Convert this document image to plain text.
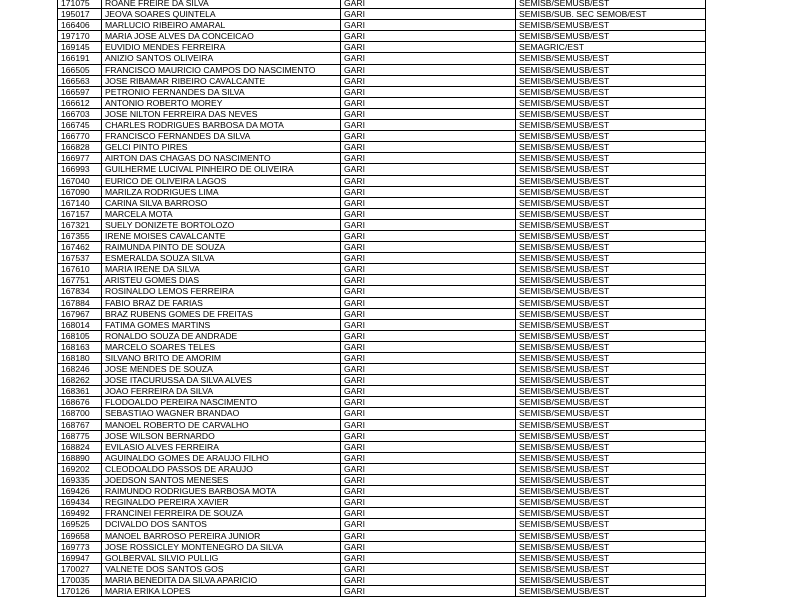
171075	ROANE FREIRE DA SILVA	GARI	SEMISB/SEMUSB/EST
195017	JEOVA SOARES QUINTELA	GARI	SEMISB/SUB. SEC SEMOB/EST
166406	MARLUCIO RIBEIRO AMARAL	GARI	SEMISB/SEMUSB/EST
197170	MARIA JOSE ALVES DA CONCEICAO	GARI	SEMISB/SEMUSB/EST
169145	EUVIDIO MENDES FERREIRA	GARI	SEMAGRIC/EST
166191	ANIZIO SANTOS OLIVEIRA	GARI	SEMISB/SEMUSB/EST
166505	FRANCISCO MAURICIO CAMPOS DO NASCIMENTO	GARI	SEMISB/SEMUSB/EST
166563	JOSE RIBAMAR RIBEIRO CAVALCANTE	GARI	SEMISB/SEMUSB/EST
166597	PETRONIO FERNANDES DA SILVA	GARI	SEMISB/SEMUSB/EST
166612	ANTONIO ROBERTO MOREY	GARI	SEMISB/SEMUSB/EST
166703	JOSE NILTON FERREIRA DAS NEVES	GARI	SEMISB/SEMUSB/EST
166745	CHARLES RODRIGUES BARBOSA DA MOTA	GARI	SEMISB/SEMUSB/EST
166770	FRANCISCO FERNANDES DA SILVA	GARI	SEMISB/SEMUSB/EST
166828	GELCI PINTO PIRES	GARI	SEMISB/SEMUSB/EST
166977	AIRTON DAS CHAGAS DO NASCIMENTO	GARI	SEMISB/SEMUSB/EST
166993	GUILHERME LUCIVAL PINHEIRO DE OLIVEIRA	GARI	SEMISB/SEMUSB/EST
167040	EURICO DE OLIVEIRA LAGOS	GARI	SEMISB/SEMUSB/EST
167090	MARILZA RODRIGUES LIMA	GARI	SEMISB/SEMUSB/EST
167140	CARINA SILVA BARROSO	GARI	SEMISB/SEMUSB/EST
167157	MARCELA MOTA	GARI	SEMISB/SEMUSB/EST
167321	SUELY DONIZETE BORTOLOZO	GARI	SEMISB/SEMUSB/EST
167355	IRENE MOISES CAVALCANTE	GARI	SEMISB/SEMUSB/EST
167462	RAIMUNDA PINTO DE SOUZA	GARI	SEMISB/SEMUSB/EST
167537	ESMERALDA SOUZA SILVA	GARI	SEMISB/SEMUSB/EST
167610	MARIA IRENE DA SILVA	GARI	SEMISB/SEMUSB/EST
167751	ARISTEU GOMES DIAS	GARI	SEMISB/SEMUSB/EST
167834	ROSINALDO LEMOS FERREIRA	GARI	SEMISB/SEMUSB/EST
167884	FABIO BRAZ DE FARIAS	GARI	SEMISB/SEMUSB/EST
167967	BRAZ RUBENS GOMES DE FREITAS	GARI	SEMISB/SEMUSB/EST
168014	FATIMA GOMES MARTINS	GARI	SEMISB/SEMUSB/EST
168105	RONALDO SOUZA DE ANDRADE	GARI	SEMISB/SEMUSB/EST
168163	MARCELO SOARES TELES	GARI	SEMISB/SEMUSB/EST
168180	SILVANO BRITO DE AMORIM	GARI	SEMISB/SEMUSB/EST
168246	JOSE MENDES DE SOUZA	GARI	SEMISB/SEMUSB/EST
168262	JOSE ITACURUSSA DA SILVA ALVES	GARI	SEMISB/SEMUSB/EST
168361	JOAO FERREIRA DA SILVA	GARI	SEMISB/SEMUSB/EST
168676	FLODOALDO PEREIRA NASCIMENTO	GARI	SEMISB/SEMUSB/EST
168700	SEBASTIAO WAGNER BRANDAO	GARI	SEMISB/SEMUSB/EST
168767	MANOEL ROBERTO DE CARVALHO	GARI	SEMISB/SEMUSB/EST
168775	JOSE WILSON BERNARDO	GARI	SEMISB/SEMUSB/EST
168824	EVILASIO ALVES FERREIRA	GARI	SEMISB/SEMUSB/EST
168890	AGUINALDO GOMES DE ARAUJO FILHO	GARI	SEMISB/SEMUSB/EST
169202	CLEODOALDO PASSOS DE ARAUJO	GARI	SEMISB/SEMUSB/EST
169335	JOEDSON SANTOS MENESES	GARI	SEMISB/SEMUSB/EST
169426	RAIMUNDO RODRIGUES BARBOSA MOTA	GARI	SEMISB/SEMUSB/EST
169434	REGINALDO PEREIRA XAVIER	GARI	SEMISB/SEMUSB/EST
169492	FRANCINEI FERREIRA DE SOUZA	GARI	SEMISB/SEMUSB/EST
169525	DCIVALDO DOS SANTOS	GARI	SEMISB/SEMUSB/EST
169658	MANOEL BARROSO PEREIRA JUNIOR	GARI	SEMISB/SEMUSB/EST
169773	JOSE ROSSICLEY MONTENEGRO DA SILVA	GARI	SEMISB/SEMUSB/EST
169947	GOLBERVAL SILVIO PULLIG	GARI	SEMISB/SEMUSB/EST
170027	VALNETE DOS SANTOS GOS	GARI	SEMISB/SEMUSB/EST
170035	MARIA BENEDITA DA SILVA APARICIO	GARI	SEMISB/SEMUSB/EST
170126	MARIA ERIKA LOPES	GARI	SEMISB/SEMUSB/EST
